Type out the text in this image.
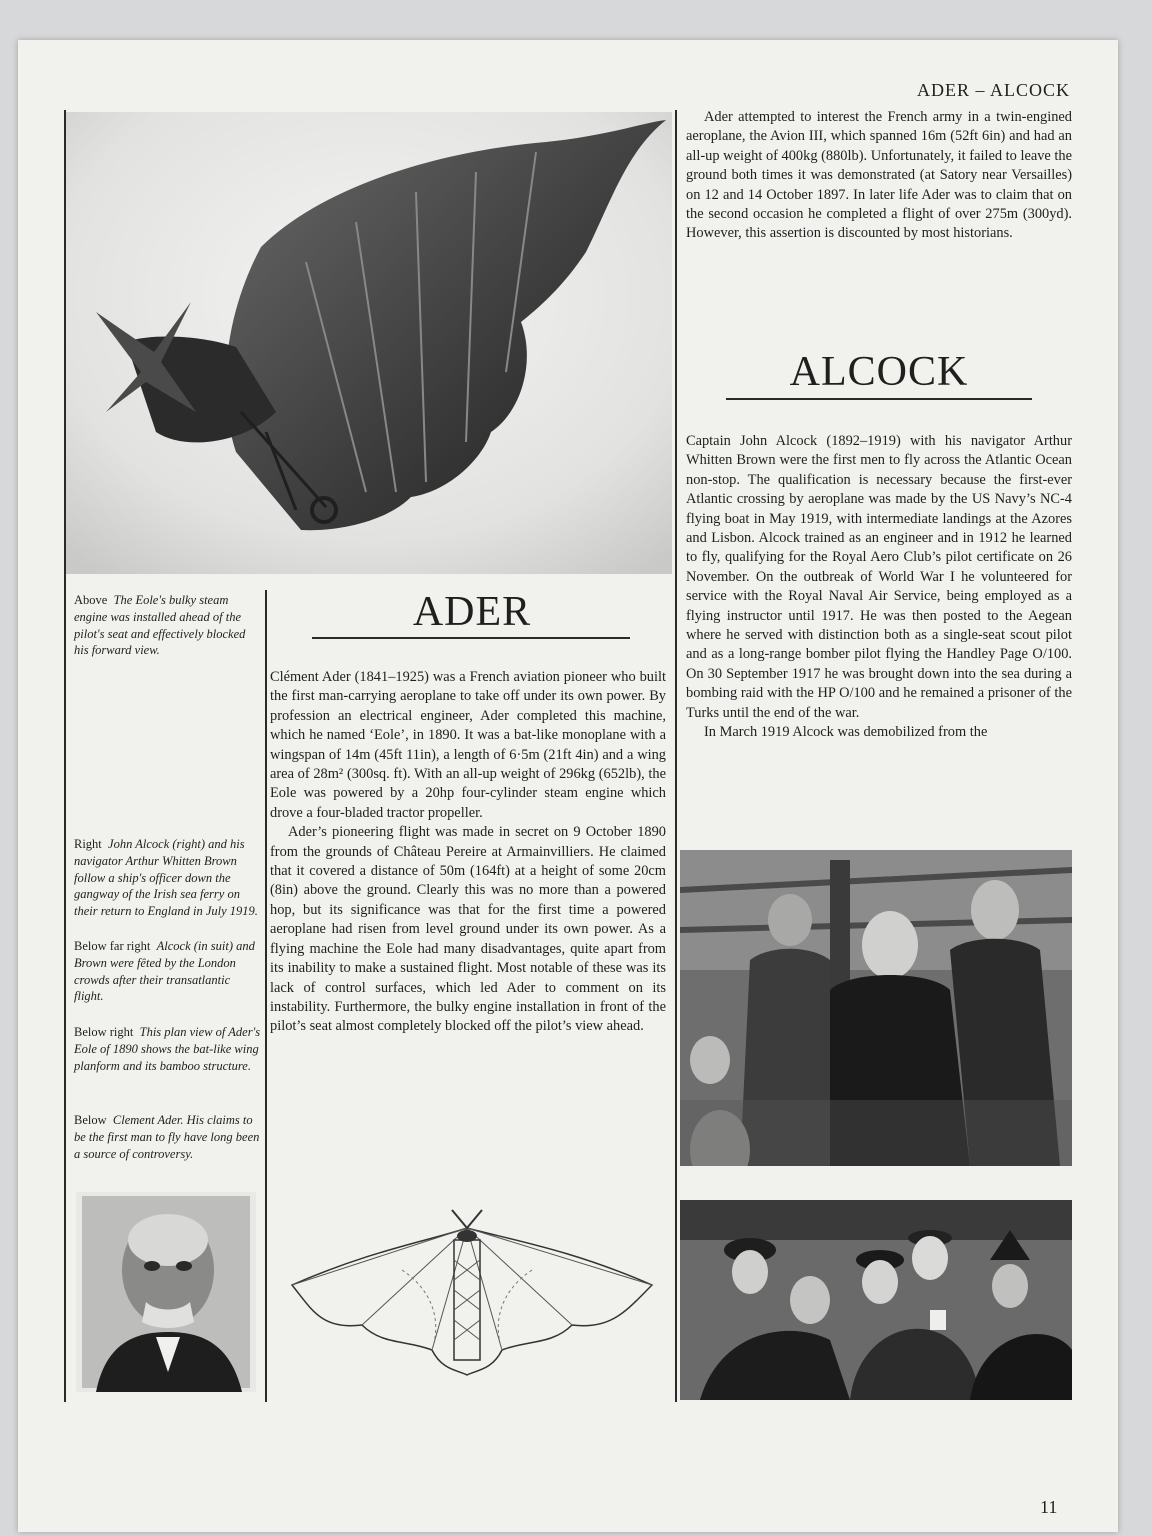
ADER – ALCOCK
Above The Eole's bulky steam engine was installed ahead of the pilot's seat and effectively blocked his forward view.
Right John Alcock (right) and his navigator Arthur Whitten Brown follow a ship's officer down the gangway of the Irish sea ferry on their return to England in July 1919.
Below far right Alcock (in suit) and Brown were fêted by the London crowds after their transatlantic flight.
Below right This plan view of Ader's Eole of 1890 shows the bat-like wing planform and its bamboo structure.
Below Clement Ader. His claims to be the first man to fly have long been a source of controversy.
ADER

Clément Ader (1841–1925) was a French aviation pioneer who built the first man-carrying aeroplane to take off under its own power. By profession an electrical engineer, Ader completed this machine, which he named ‘Eole’, in 1890. It was a bat-like monoplane with a wingspan of 14m (45ft 11in), a length of 6·5m (21ft 4in) and a wing area of 28m² (300sq. ft). With an all-up weight of 296kg (652lb), the Eole was powered by a 20hp four-cylinder steam engine which drove a four-bladed tractor propeller.

Ader’s pioneering flight was made in secret on 9 October 1890 from the grounds of Château Pereire at Armainvilliers. He claimed that it covered a distance of 50m (164ft) at a height of some 20cm (8in) above the ground. Clearly this was no more than a powered hop, but its significance was that for the first time a powered aeroplane had risen from level ground under its own power. As a flying machine the Eole had many disadvantages, quite apart from its inability to make a sustained flight. Most notable of these was its lack of control surfaces, which led Ader to comment on its instability. Furthermore, the bulky engine installation in front of the pilot’s seat almost completely blocked off the pilot’s view ahead.

Ader attempted to interest the French army in a twin-engined aeroplane, the Avion III, which spanned 16m (52ft 6in) and had an all-up weight of 400kg (880lb). Unfortunately, it failed to leave the ground both times it was demonstrated (at Satory near Versailles) on 12 and 14 October 1897. In later life Ader was to claim that on the second occasion he completed a flight of over 275m (300yd). However, this assertion is discounted by most historians.

ALCOCK

Captain John Alcock (1892–1919) with his navigator Arthur Whitten Brown were the first men to fly across the Atlantic Ocean non-stop. The qualification is necessary because the first-ever Atlantic crossing by aeroplane was made by the US Navy’s NC-4 flying boat in May 1919, with intermediate landings at the Azores and Lisbon. Alcock trained as an engineer and in 1912 he learned to fly, qualifying for the Royal Aero Club’s pilot certificate on 26 November. On the outbreak of World War I he volunteered for service with the Royal Naval Air Service, being employed as a flying instructor until 1917. He was then posted to the Aegean where he served with distinction both as a single-seat scout pilot and as a long-range bomber pilot flying the Handley Page O/100. On 30 September 1917 he was brought down into the sea during a bombing raid with the HP O/100 and he remained a prisoner of the Turks until the end of the war.

In March 1919 Alcock was demobilized from the

11
